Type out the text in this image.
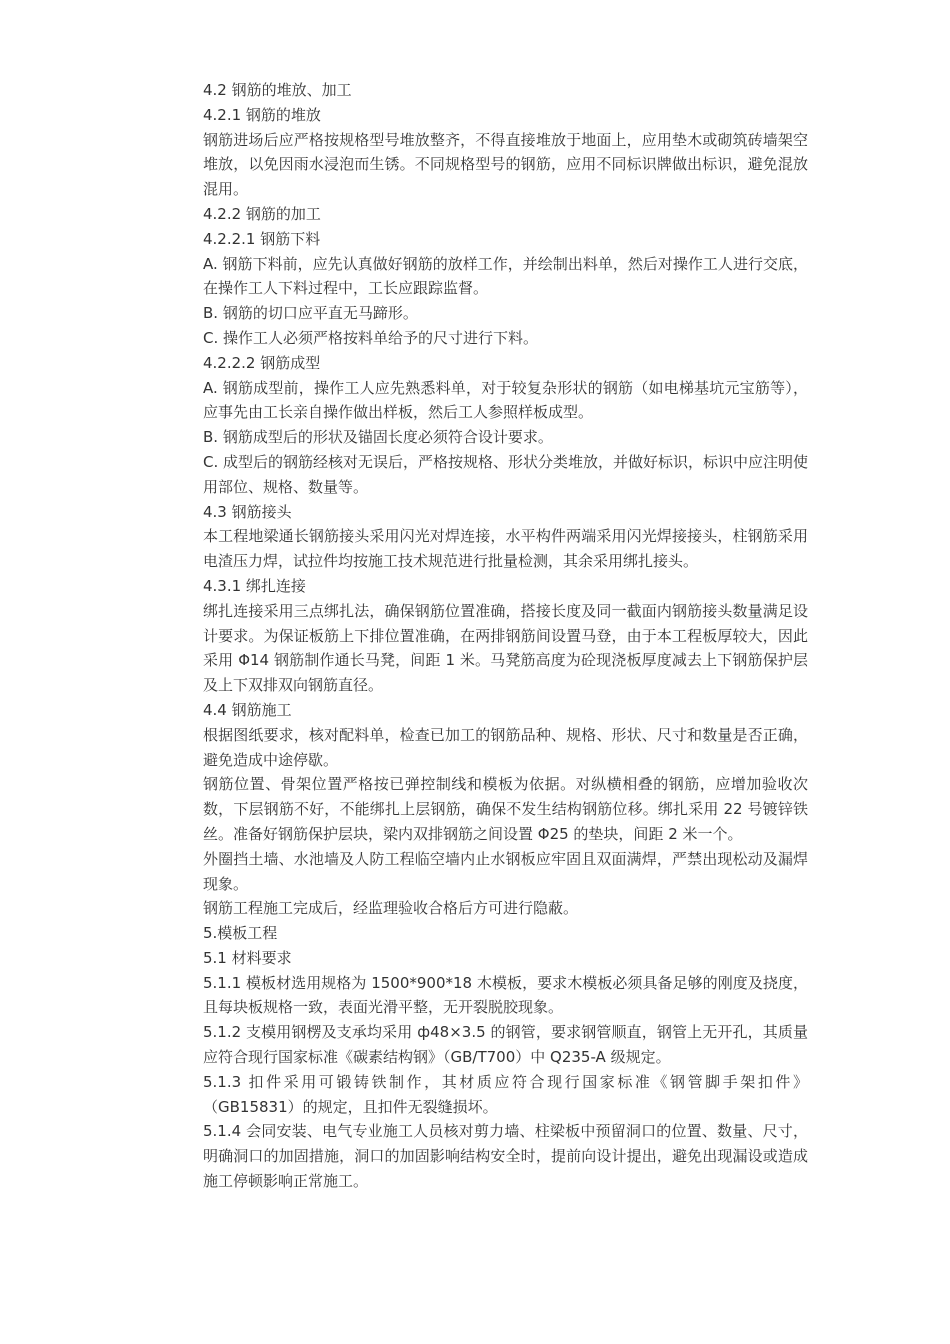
4.2 钢筋的堆放、加工

4.2.1 钢筋的堆放

钢筋进场后应严格按规格型号堆放整齐，不得直接堆放于地面上，应用垫木或砌筑砖墙架空堆放，以免因雨水浸泡而生锈。不同规格型号的钢筋，应用不同标识牌做出标识，避免混放混用。

4.2.2 钢筋的加工

4.2.2.1 钢筋下料

A. 钢筋下料前，应先认真做好钢筋的放样工作，并绘制出料单，然后对操作工人进行交底，在操作工人下料过程中，工长应跟踪监督。

B. 钢筋的切口应平直无马蹄形。

C. 操作工人必须严格按料单给予的尺寸进行下料。

4.2.2.2 钢筋成型

A. 钢筋成型前，操作工人应先熟悉料单，对于较复杂形状的钢筋（如电梯基坑元宝筋等），应事先由工长亲自操作做出样板，然后工人参照样板成型。

B. 钢筋成型后的形状及锚固长度必须符合设计要求。

C. 成型后的钢筋经核对无误后，严格按规格、形状分类堆放，并做好标识，标识中应注明使用部位、规格、数量等。

4.3 钢筋接头

本工程地梁通长钢筋接头采用闪光对焊连接，水平构件两端采用闪光焊接接头，柱钢筋采用电渣压力焊，试拉件均按施工技术规范进行批量检测，其余采用绑扎接头。

4.3.1 绑扎连接

绑扎连接采用三点绑扎法，确保钢筋位置准确，搭接长度及同一截面内钢筋接头数量满足设计要求。为保证板筋上下排位置准确，在两排钢筋间设置马登，由于本工程板厚较大，因此采用 Φ14 钢筋制作通长马凳，间距 1 米。马凳筋高度为砼现浇板厚度减去上下钢筋保护层及上下双排双向钢筋直径。

4.4 钢筋施工

根据图纸要求，核对配料单，检查已加工的钢筋品种、规格、形状、尺寸和数量是否正确，避免造成中途停歇。

钢筋位置、骨架位置严格按已弹控制线和模板为依据。对纵横相叠的钢筋，应增加验收次数，下层钢筋不好，不能绑扎上层钢筋，确保不发生结构钢筋位移。绑扎采用 22 号镀锌铁丝。准备好钢筋保护层块，梁内双排钢筋之间设置 Φ25 的垫块，间距 2 米一个。

外圈挡土墙、水池墙及人防工程临空墙内止水钢板应牢固且双面满焊，严禁出现松动及漏焊现象。

钢筋工程施工完成后，经监理验收合格后方可进行隐蔽。

5.模板工程

5.1 材料要求

5.1.1 模板材选用规格为 1500*900*18 木模板，要求木模板必须具备足够的刚度及挠度，且每块板规格一致，表面光滑平整，无开裂脱胶现象。

5.1.2 支模用钢楞及支承均采用 ф48×3.5 的钢管，要求钢管顺直，钢管上无开孔，其质量应符合现行国家标准《碳素结构钢》（GB/T700）中 Q235-A 级规定。

5.1.3 扣件采用可锻铸铁制作，其材质应符合现行国家标准《钢管脚手架扣件》（GB15831）的规定，且扣件无裂缝损坏。

5.1.4 会同安装、电气专业施工人员核对剪力墙、柱梁板中预留洞口的位置、数量、尺寸，明确洞口的加固措施，洞口的加固影响结构安全时，提前向设计提出，避免出现漏设或造成施工停顿影响正常施工。
